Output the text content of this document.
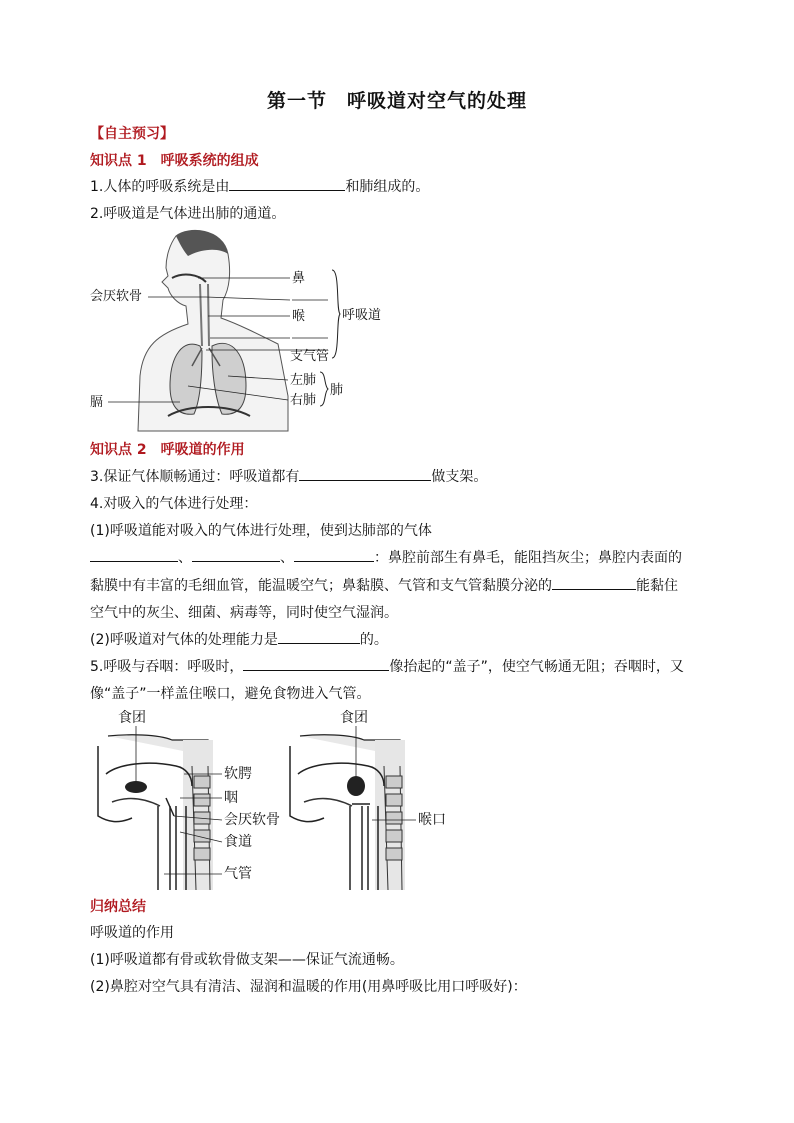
第一节　呼吸道对空气的处理
【自主预习】
知识点 1　呼吸系统的组成
1.人体的呼吸系统是由	和肺组成的。
2.呼吸道是气体进出肺的通道。
会厌软骨
鼻
喉	呼吸道
支气管
左肺
右肺
肺
膈
知识点 2　呼吸道的作用
3.保证气体顺畅通过：呼吸道都有	做支架。
4.对吸入的气体进行处理：
(1)呼吸道能对吸入的气体进行处理，使到达肺部的气体
、	、	：鼻腔前部生有鼻毛，能阻挡灰尘；鼻腔内表面的
黏膜中有丰富的毛细血管，能温暖空气；鼻黏膜、气管和支气管黏膜分泌的	能黏住
空气中的灰尘、细菌、病毒等，同时使空气湿润。
(2)呼吸道对气体的处理能力是	的。
5.呼吸与吞咽：呼吸时，	像抬起的“盖子”，使空气畅通无阻；吞咽时，又
像“盖子”一样盖住喉口，避免食物进入气管。
食团
软腭
咽
会厌软骨
食道
气管
食团
喉口
归纳总结
呼吸道的作用
(1)呼吸道都有骨或软骨做支架——保证气流通畅。
(2)鼻腔对空气具有清洁、湿润和温暖的作用(用鼻呼吸比用口呼吸好)：
